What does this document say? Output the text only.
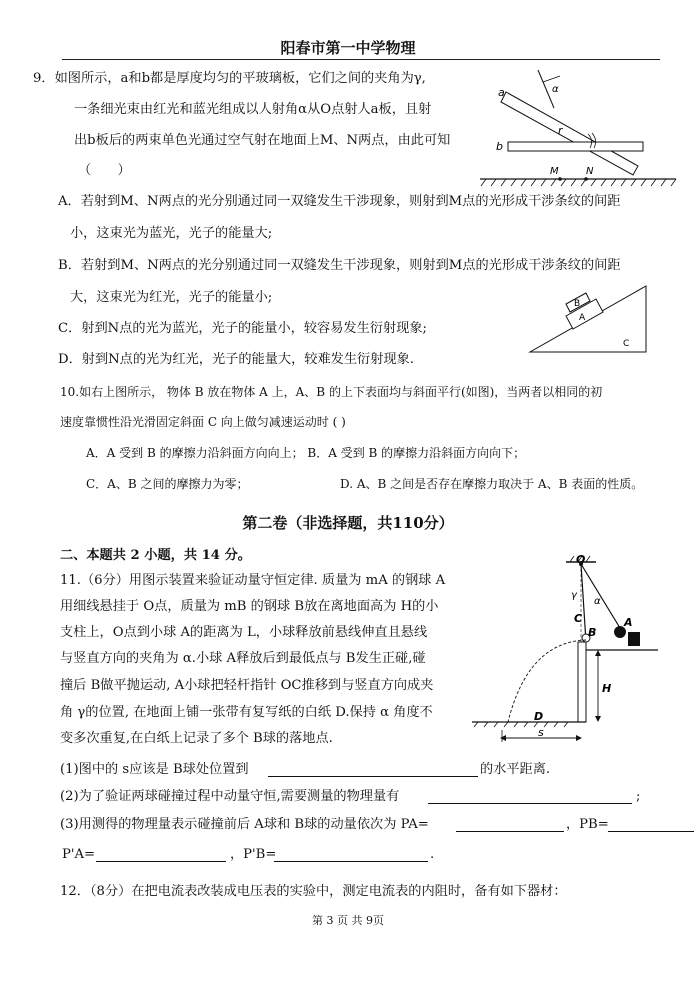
阳春市第一中学物理
9．如图所示，a和b都是厚度均匀的平玻璃板，它们之间的夹角为γ,
一条细光束由红光和蓝光组成以人射角α从O点射人a板，且射
出b板后的两束单色光通过空气射在地面上M、N两点，由此可知
（　　）
a
b
r
α
M	N
A．若射到M、N两点的光分别通过同一双缝发生干涉现象，则射到M点的光形成干涉条纹的间距
小，这束光为蓝光，光子的能量大;
B．若射到M、N两点的光分别通过同一双缝发生干涉现象，则射到M点的光形成干涉条纹的间距
大，这束光为红光，光子的能量小;
C．射到N点的光为蓝光，光子的能量小，较容易发生衍射现象;
D．射到N点的光为红光，光子的能量大，较难发生衍射现象.
A
B
C
10.如右上图所示， 物体 B 放在物体 A 上，A、B 的上下表面均与斜面平行(如图)，当两者以相同的初
速度靠惯性沿光滑固定斜面 C 向上做匀减速运动时 ( )
A．A 受到 B 的摩擦力沿斜面方向向上； B．A 受到 B 的摩擦力沿斜面方向向下；
C．A、B 之间的摩擦力为零；	D. A、B 之间是否存在摩擦力取决于 A、B 表面的性质。
第二卷（非选择题，共110分）
二、本题共 2 小题，共 14 分。
11.（6分）用图示装置来验证动量守恒定律. 质量为 mA 的钢球 A
用细线悬挂于 O点，质量为 mB 的钢球 B放在离地面高为 H的小
支柱上，O点到小球 A的距离为 L，小球释放前悬线伸直且悬线
与竖直方向的夹角为 α.小球 A释放后到最低点与 B发生正碰,碰
撞后 B做平抛运动, A小球把轻杆指针 OC推移到与竖直方向成夹
角 γ的位置, 在地面上铺一张带有复写纸的白纸 D.保持 α 角度不
变多次重复,在白纸上记录了多个 B球的落地点.
O
γ
α
C	A
B
H
D
s
(1)图中的 s应该是 B球处位置到	的水平距离.
(2)为了验证两球碰撞过程中动量守恒,需要测量的物理量有	;
(3)用测得的物理量表示碰撞前后 A球和 B球的动量依次为 PA=	，PB=
P'A=	，P'B=	.
12．（8分）在把电流表改装成电压表的实验中，测定电流表的内阻时，备有如下器材：
第 3 页 共 9页
